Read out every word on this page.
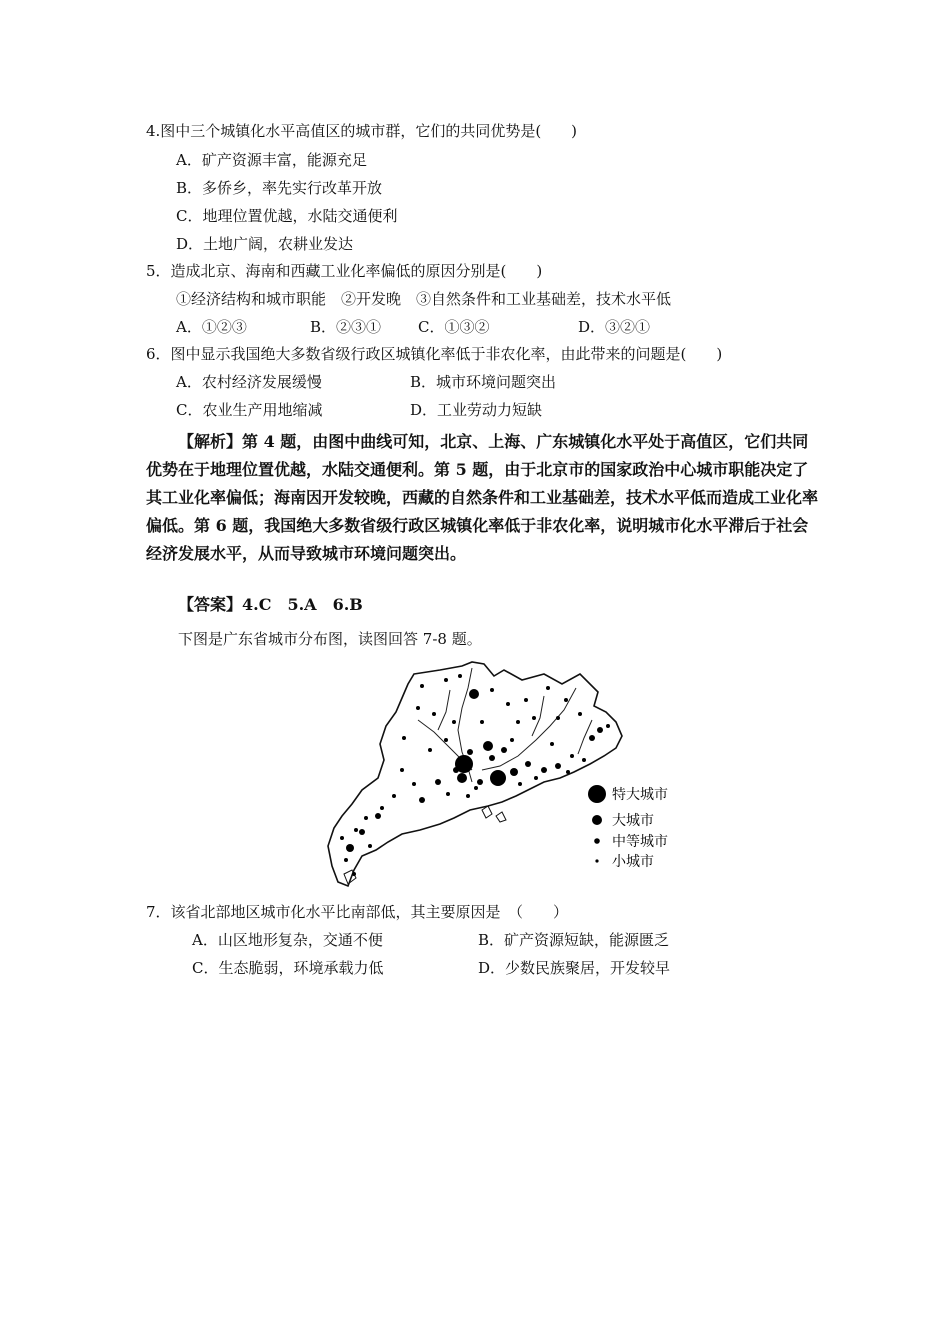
4.图中三个城镇化水平高值区的城市群，它们的共同优势是(　　)
A．矿产资源丰富，能源充足
B．多侨乡，率先实行改革开放
C．地理位置优越，水陆交通便利
D．土地广阔，农耕业发达
5．造成北京、海南和西藏工业化率偏低的原因分别是(　　)
①经济结构和城市职能　②开发晚　③自然条件和工业基础差，技术水平低
A．①②③	B．②③① C．①③②	D．③②①
6．图中显示我国绝大多数省级行政区城镇化率低于非农化率，由此带来的问题是(　　)
A．农村经济发展缓慢	B．城市环境问题突出
C．农业生产用地缩减	D．工业劳动力短缺
【解析】第 4 题，由图中曲线可知，北京、上海、广东城镇化水平处于高值区，它们共同优势在于地理位置优越，水陆交通便利。第 5 题，由于北京市的国家政治中心城市职能决定了其工业化率偏低；海南因开发较晚，西藏的自然条件和工业基础差，技术水平低而造成工业化率偏低。第 6 题，我国绝大多数省级行政区城镇化率低于非农化率，说明城市化水平滞后于社会经济发展水平，从而导致城市环境问题突出。
【答案】4.C　5.A　6.B
下图是广东省城市分布图，读图回答 7-8 题。
特大城市
大城市
中等城市
小城市
7．该省北部地区城市化水平比南部低，其主要原因是　（　　）
A．山区地形复杂，交通不便	B．矿产资源短缺，能源匮乏
C．生态脆弱，环境承载力低	D．少数民族聚居，开发较早
